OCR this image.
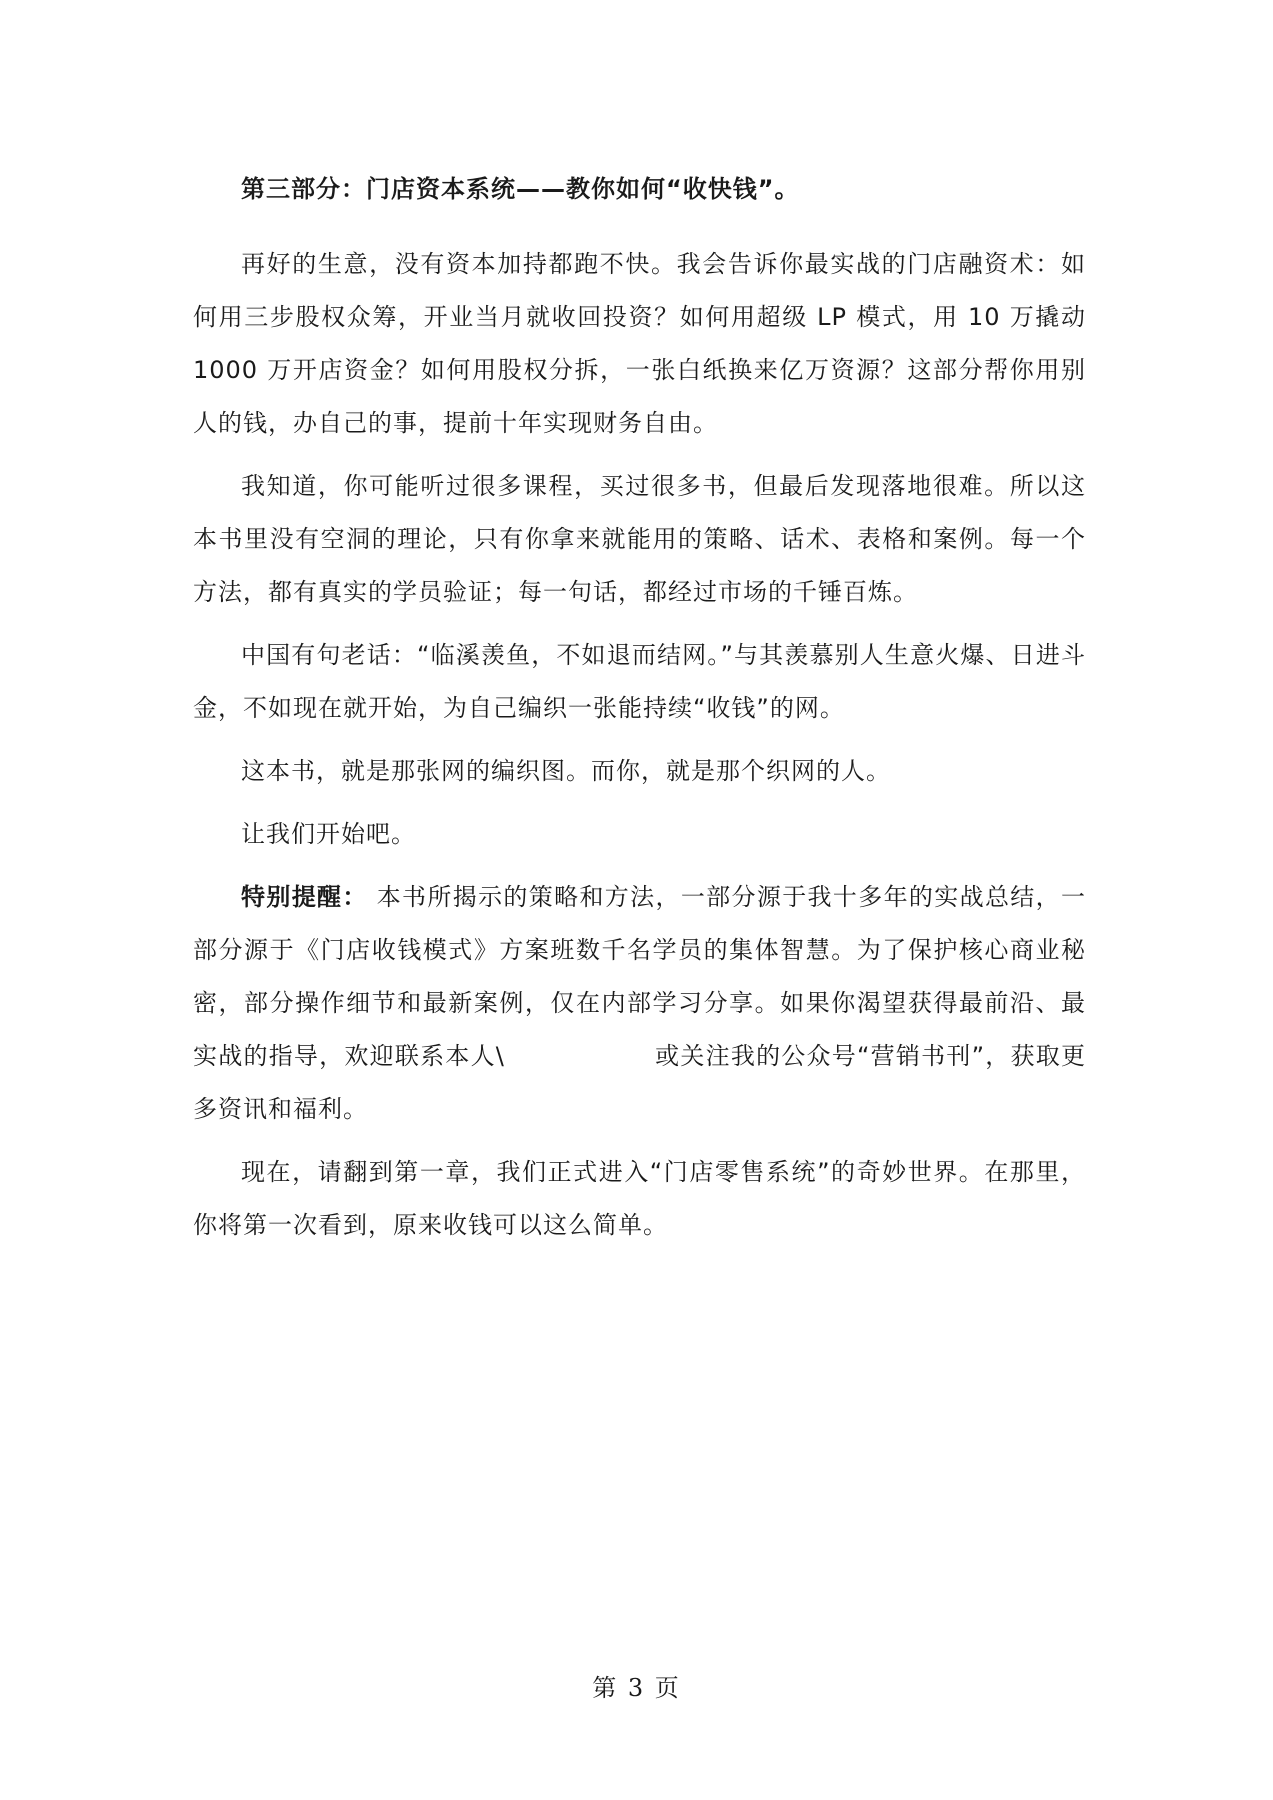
第三部分：门店资本系统——教你如何“收快钱”。

再好的生意，没有资本加持都跑不快。我会告诉你最实战的门店融资术：如何用三步股权众筹，开业当月就收回投资？如何用超级 LP 模式，用 10 万撬动 1000 万开店资金？如何用股权分拆，一张白纸换来亿万资源？这部分帮你用别人的钱，办自己的事，提前十年实现财务自由。

我知道，你可能听过很多课程，买过很多书，但最后发现落地很难。所以这本书里没有空洞的理论，只有你拿来就能用的策略、话术、表格和案例。每一个方法，都有真实的学员验证；每一句话，都经过市场的千锤百炼。

中国有句老话：“临溪羡鱼，不如退而结网。”与其羡慕别人生意火爆、日进斗金，不如现在就开始，为自己编织一张能持续“收钱”的网。

这本书，就是那张网的编织图。而你，就是那个织网的人。

让我们开始吧。

特别提醒： 本书所揭示的策略和方法，一部分源于我十多年的实战总结，一部分源于《门店收钱模式》方案班数千名学员的集体智慧。为了保护核心商业秘密，部分操作细节和最新案例，仅在内部学习分享。如果你渴望获得最前沿、最实战的指导，欢迎联系本人\	或关注我的公众号“营销书刊”，获取更多资讯和福利。

现在，请翻到第一章，我们正式进入“门店零售系统”的奇妙世界。在那里，你将第一次看到，原来收钱可以这么简单。

第 3 页
